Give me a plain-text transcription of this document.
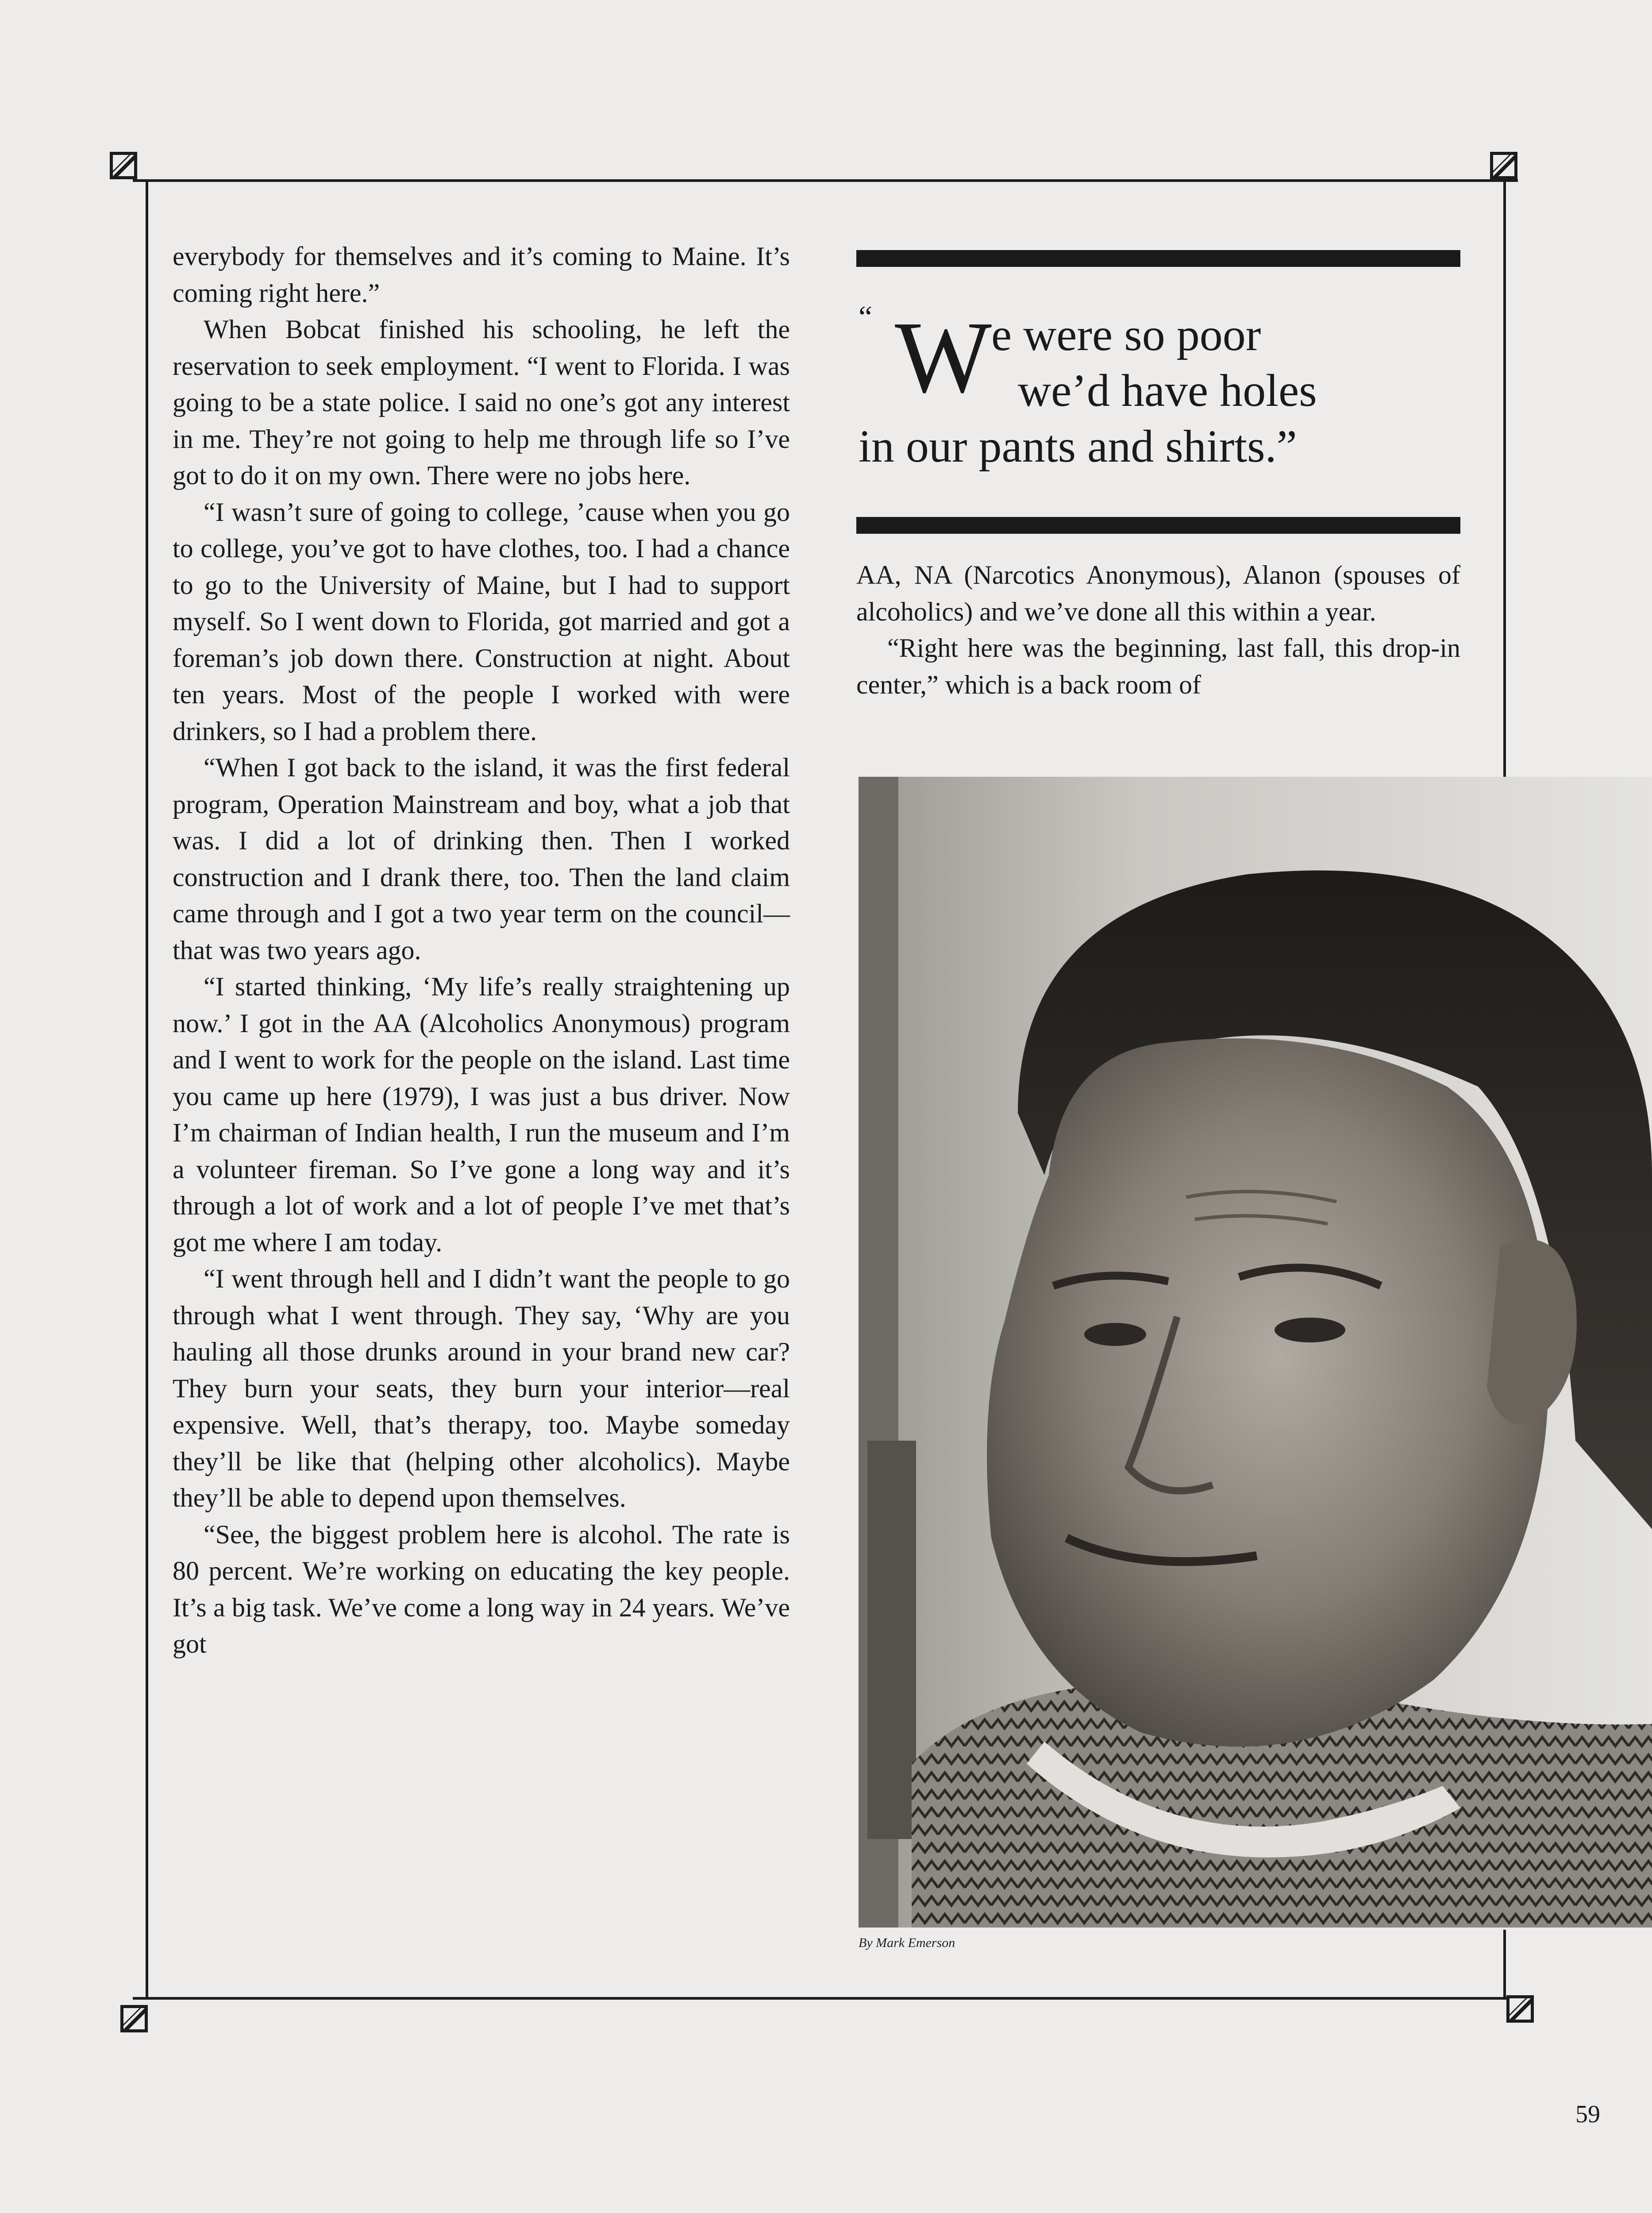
everybody for themselves and it’s coming to Maine. It’s coming right here.”

When Bobcat finished his schooling, he left the reservation to seek employment. “I went to Florida. I was going to be a state police. I said no one’s got any interest in me. They’re not going to help me through life so I’ve got to do it on my own. There were no jobs here.

“I wasn’t sure of going to college, ’cause when you go to college, you’ve got to have clothes, too. I had a chance to go to the University of Maine, but I had to support myself. So I went down to Florida, got married and got a foreman’s job down there. Construction at night. About ten years. Most of the people I worked with were drinkers, so I had a problem there.

“When I got back to the island, it was the first federal program, Operation Mainstream and boy, what a job that was. I did a lot of drinking then. Then I worked construction and I drank there, too. Then the land claim came through and I got a two year term on the council—that was two years ago.

“I started thinking, ‘My life’s really straightening up now.’ I got in the AA (Alcoholics Anonymous) program and I went to work for the people on the island. Last time you came up here (1979), I was just a bus driver. Now I’m chairman of Indian health, I run the museum and I’m a volunteer fireman. So I’ve gone a long way and it’s through a lot of work and a lot of people I’ve met that’s got me where I am today.

“I went through hell and I didn’t want the people to go through what I went through. They say, ‘Why are you hauling all those drunks around in your brand new car? They burn your seats, they burn your interior—real expensive. Well, that’s therapy, too. Maybe someday they’ll be like that (helping other alcoholics). Maybe they’ll be able to depend upon themselves.

“See, the biggest problem here is alcohol. The rate is 80 percent. We’re working on educating the key people. It’s a big task. We’ve come a long way in 24 years. We’ve got

“ W e were so poor
we’d have holes
in our pants and shirts.”

AA, NA (Narcotics Anonymous), Alanon (spouses of alcoholics) and we’ve done all this within a year.

“Right here was the beginning, last fall, this drop-in center,” which is a back room of

By Mark Emerson
59
